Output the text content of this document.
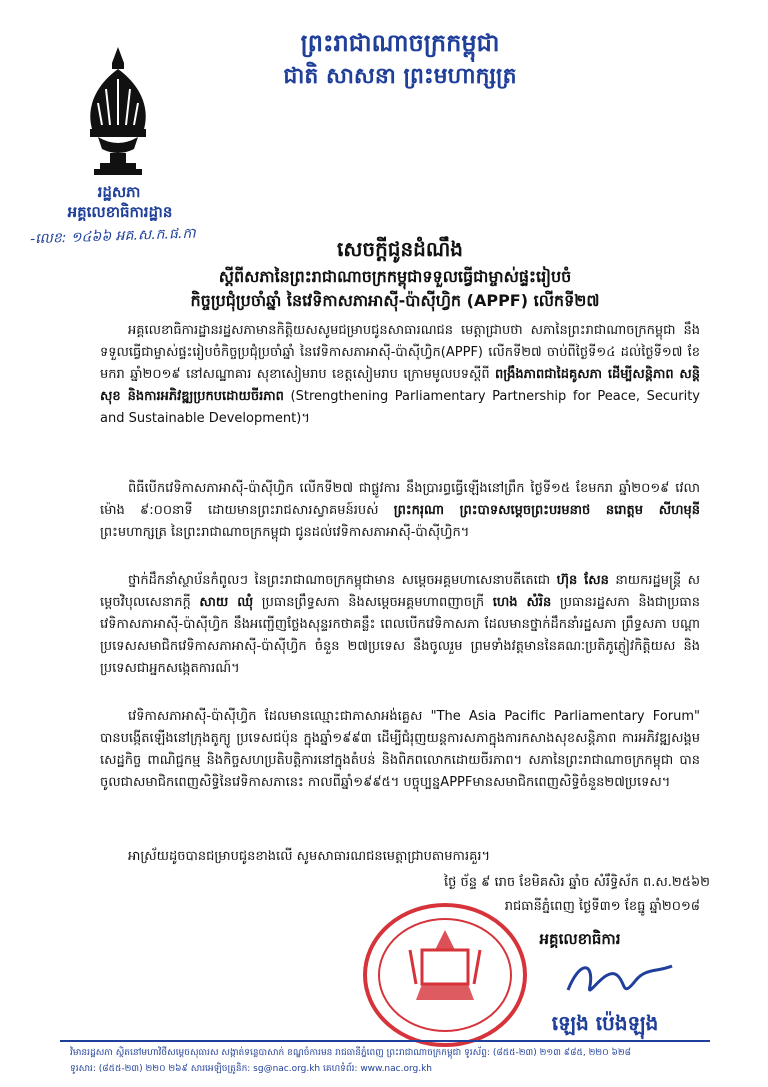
ព្រះរាជាណាចក្រកម្ពុជា
ជាតិ សាសនា ព្រះមហាក្សត្រ
រដ្ឋសភា
អគ្គលេខាធិការដ្ឋាន
-លេខ: ១៤៦៦ អគ.ស.ក.ផ.កា
សេចក្តីជូនដំណឹង
ស្តីពីសភានៃព្រះរាជាណាចក្រកម្ពុជាទទួលធ្វើជាម្ចាស់ផ្ទះរៀបចំ
កិច្ចប្រជុំប្រចាំឆ្នាំ នៃវេទិកាសភាអាស៊ី-ប៉ាស៊ីហ្វិក (APPF) លើកទី២៧

អគ្គលេខាធិការដ្ឋានរដ្ឋសភាមានកិត្តិយសសូមជម្រាបជូនសាធារណជន មេត្តាជ្រាបថា សភានៃព្រះរាជាណាចក្រកម្ពុជា នឹងទទួលធ្វើជាម្ចាស់ផ្ទះរៀបចំកិច្ចប្រជុំប្រចាំឆ្នាំ នៃវេទិកាសភាអាស៊ី-ប៉ាស៊ីហ្វិក(APPF) លើកទី២៧ ចាប់ពីថ្ងៃទី១៤ ដល់ថ្ងៃទី១៧ ខែមករា ឆ្នាំ២០១៩ នៅសណ្ឋាគារ សុខាសៀមរាប ខេត្តសៀមរាប ក្រោមមូលបទស្តីពី ពង្រឹងភាពជាដៃគូសភា ដើម្បីសន្តិភាព សន្តិសុខ និងការអភិវឌ្ឍប្រកបដោយចីរភាព (Strengthening Parliamentary Partnership for Peace, Security and Sustainable Development)។

ពិធីបើកវេទិកាសភាអាស៊ី-ប៉ាស៊ីហ្វិក លើកទី២៧ ជាផ្លូវការ នឹងប្រារព្ធធ្វើឡើងនៅព្រឹក ថ្ងៃទី១៥ ខែមករា ឆ្នាំ២០១៩ វេលាម៉ោង ៩:០០នាទី ដោយមានព្រះរាជសារស្វាគមន៍របស់ ព្រះករុណា ព្រះបាទសម្តេចព្រះបរមនាថ នរោត្តម សីហមុនី ព្រះមហាក្សត្រ នៃព្រះរាជាណាចក្រកម្ពុជា ជូនដល់វេទិកាសភាអាស៊ី-ប៉ាស៊ីហ្វិក។

ថ្នាក់ដឹកនាំស្ថាប័នកំពូលៗ នៃព្រះរាជាណាចក្រកម្ពុជាមាន សម្តេចអគ្គមហាសេនាបតីតេជោ ហ៊ុន សែន នាយករដ្ឋមន្ត្រី សម្តេចវិបុលសេនាភក្តី សាយ ឈុំ ប្រធានព្រឹទ្ធសភា និងសម្តេចអគ្គមហាពញាចក្រី ហេង សំរិន ប្រធានរដ្ឋសភា និងជាប្រធានវេទិកាសភាអាស៊ី-ប៉ាស៊ីហ្វិក នឹងអញ្ជើញថ្លែងសុន្ទរកថាគន្លឹះ ពេលបើកវេទិកាសភា ដែលមានថ្នាក់ដឹកនាំរដ្ឋសភា ព្រឹទ្ធសភា បណ្តាប្រទេសសមាជិកវេទិកាសភាអាស៊ី-ប៉ាស៊ីហ្វិក ចំនួន ២៧ប្រទេស នឹងចូលរួម ព្រមទាំងវត្តមាននៃគណៈប្រតិភូភ្ញៀវកិត្តិយស និងប្រទេសជាអ្នកសង្កេតការណ៍។

វេទិកាសភាអាស៊ី-ប៉ាស៊ីហ្វិក ដែលមានឈ្មោះជាភាសាអង់គ្លេស "The Asia Pacific Parliamentary Forum" បានបង្កើតឡើងនៅក្រុងតូក្យូ ប្រទេសជប៉ុន ក្នុងឆ្នាំ១៩៩៣ ដើម្បីជំរុញយន្តការសភាក្នុងការកសាងសុខសន្តិភាព ការអភិវឌ្ឍសង្គម សេដ្ឋកិច្ច ពាណិជ្ជកម្ម និងកិច្ចសហប្រតិបត្តិការនៅក្នុងតំបន់ និងពិភពលោកដោយចីរភាព។ សភានៃព្រះរាជាណាចក្រកម្ពុជា បានចូលជាសមាជិកពេញសិទ្ធិនៃវេទិកាសភានេះ កាលពីឆ្នាំ១៩៩៥។ បច្ចុប្បន្នAPPFមានសមាជិកពេញសិទ្ធិចំនួន២៧ប្រទេស។

អាស្រ័យដូចបានជម្រាបជូនខាងលើ សូមសាធារណជនមេត្តាជ្រាបតាមការគួរ។
ថ្ងៃ ច័ន្ទ ៩ រោច ខែមិគសិរ ឆ្នាំច សំរឹទ្ធិស័ក ព.ស.២៥៦២
រាជធានីភ្នំពេញ ថ្ងៃទី៣១ ខែធ្នូ ឆ្នាំ២០១៨
អគ្គលេខាធិការ
ឡេង ប៉េងឡុង
វិមានរដ្ឋសភា ស្ថិតនៅមហាវិថីសម្តេចសុធារស សង្កាត់ទន្លេបាសាក់ ខណ្ឌចំការមន រាជធានីភ្នំពេញ ព្រះរាជាណាចក្រកម្ពុជា ទូរស័ព្ទ: (៨៥៥-២៣) ២១៣ ៩៨៥, ២២០ ៦២៨
ទូរសារ: (៨៥៥-២៣) ២២០ ២៦៩ សារអេឡិចត្រូនិក: sg@nac.org.kh គេហទំព័រ: www.nac.org.kh
